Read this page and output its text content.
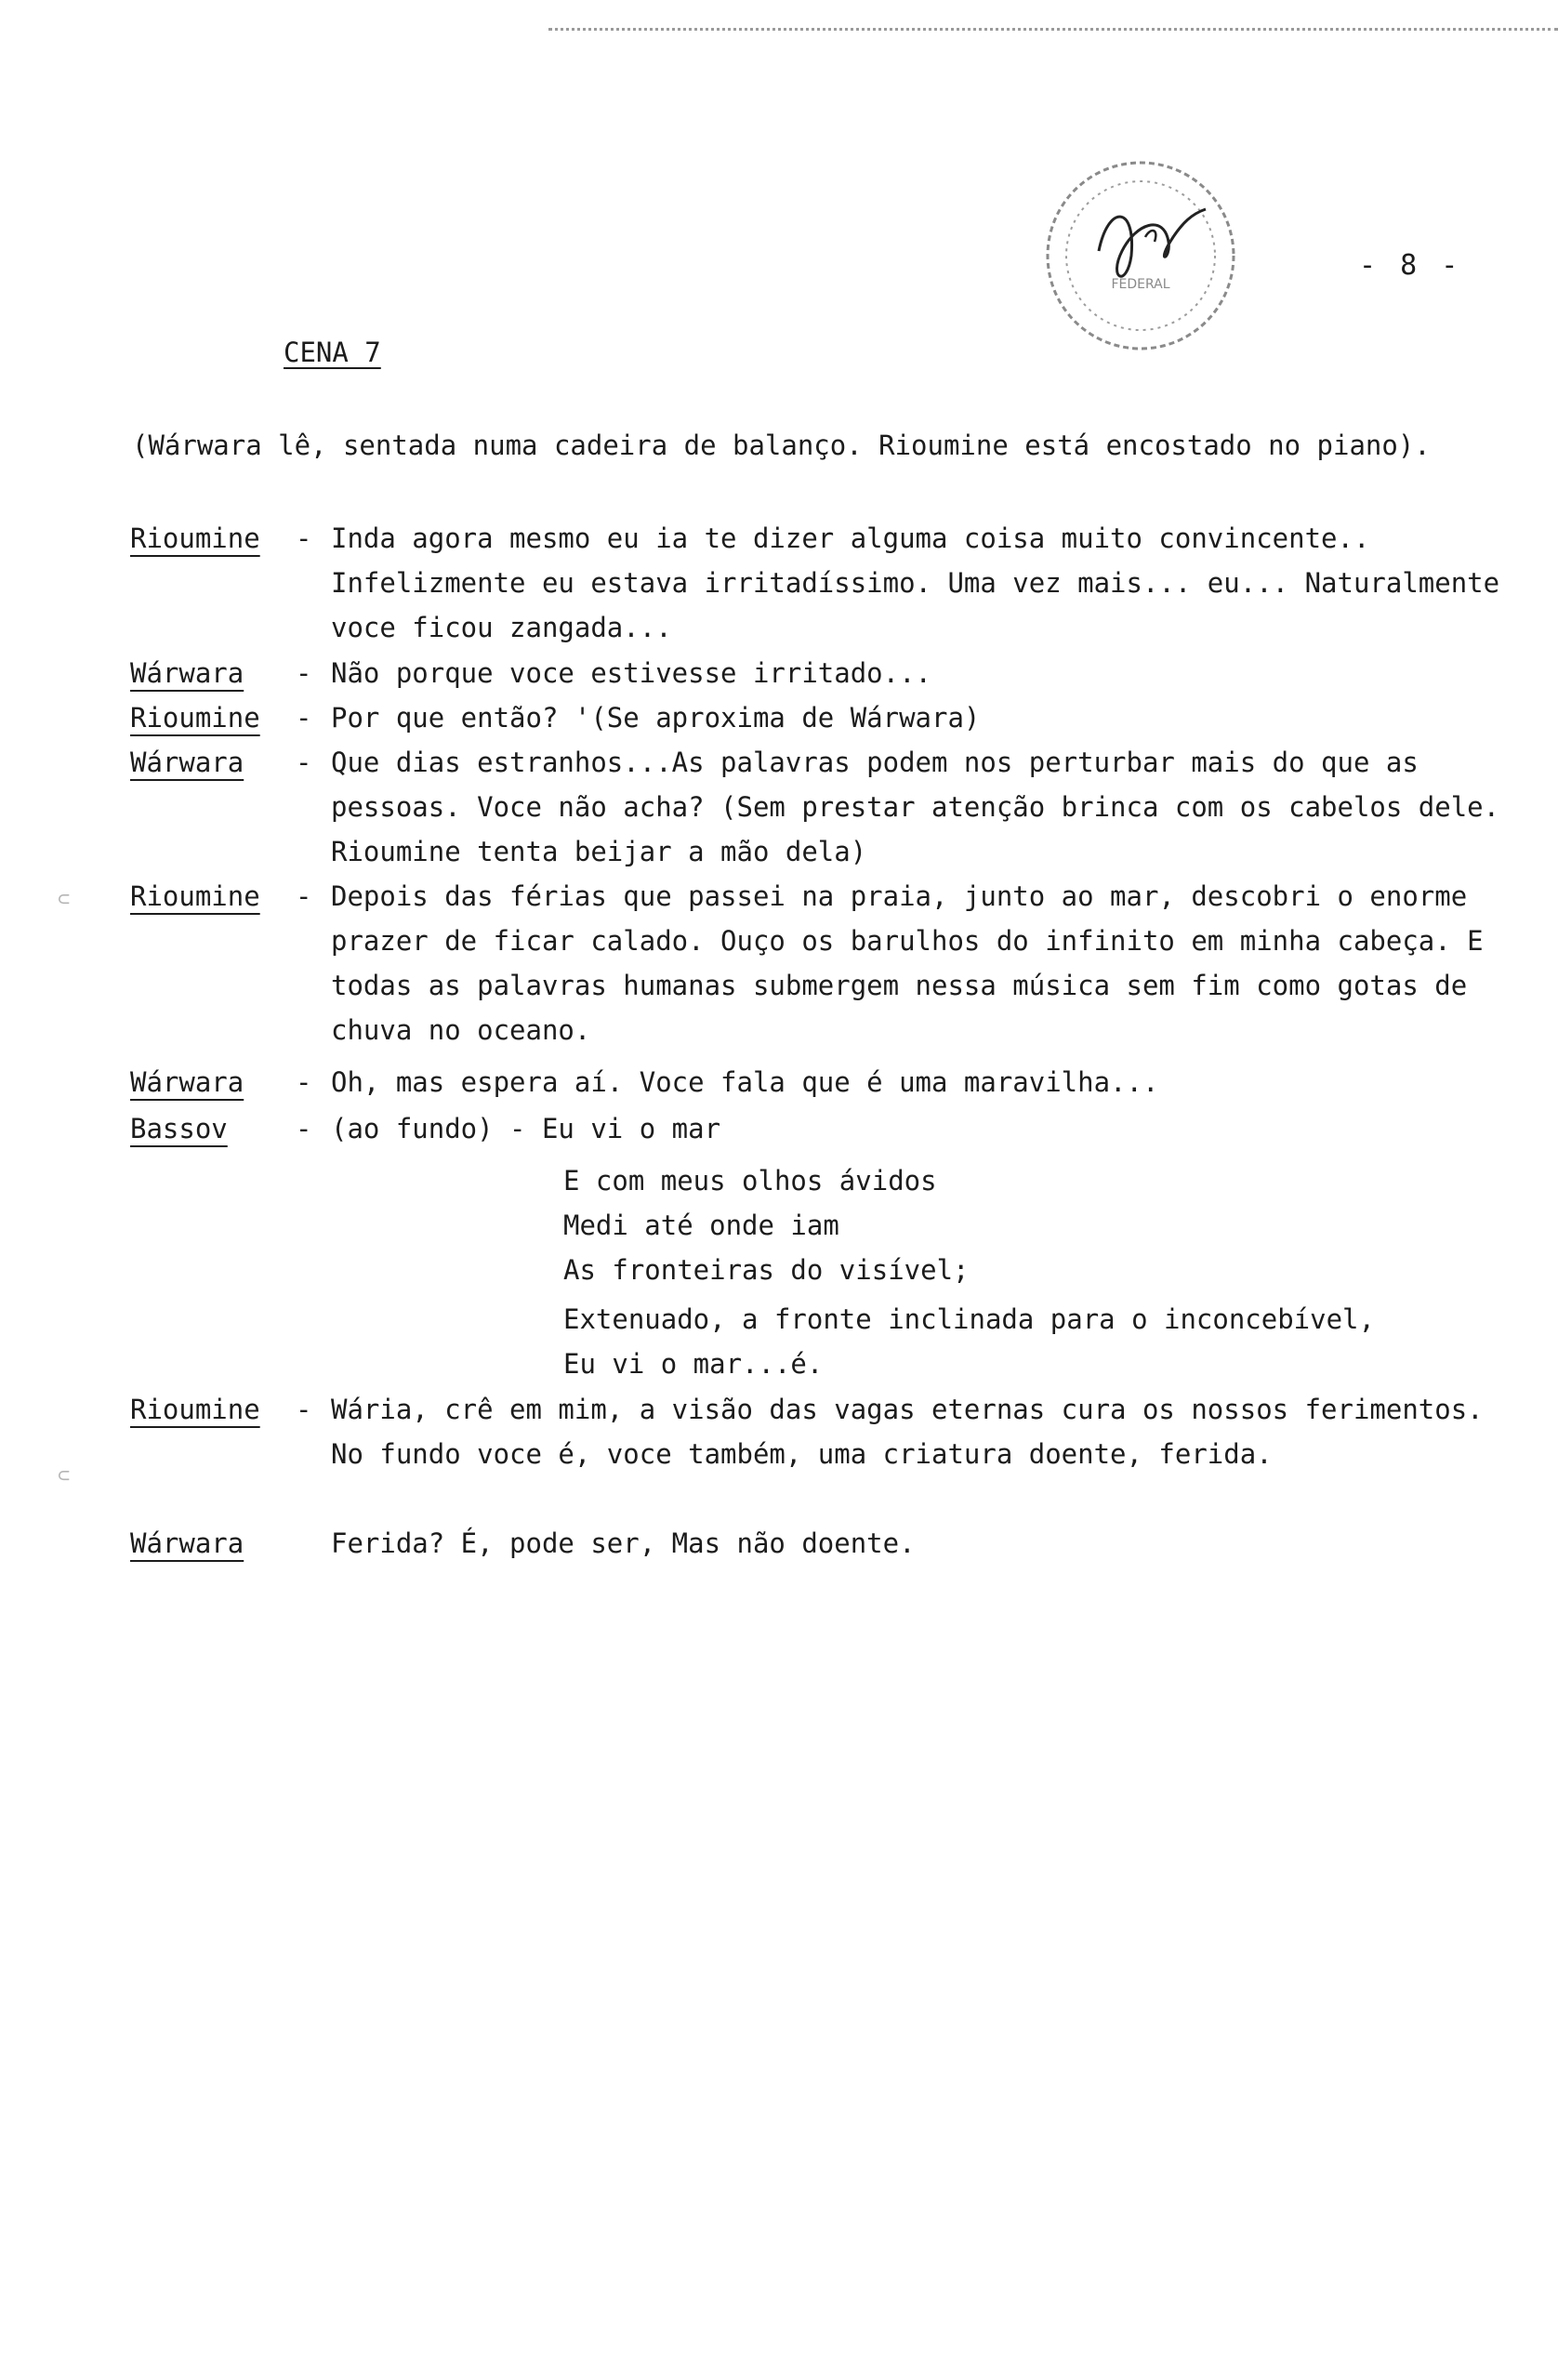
FEDERAL
- 8 -
CENA 7
(Wárwara lê, sentada numa cadeira de balanço. Rioumine está encostado no piano).
Rioumine - Inda agora mesmo eu ia te dizer alguma coisa muito convincente.. Infelizmente eu estava irritadíssimo. Uma vez mais... eu... Naturalmente voce ficou zangada...
Wárwara - Não porque voce estivesse irritado...
Rioumine - Por que então? '(Se aproxima de Wárwara)
Wárwara - Que dias estranhos...As palavras podem nos perturbar mais do que as pessoas. Voce não acha? (Sem prestar atenção brinca com os cabelos dele. Rioumine tenta beijar a mão dela)
Rioumine - Depois das férias que passei na praia, junto ao mar, descobri o enorme prazer de ficar calado. Ouço os barulhos do infinito em minha cabeça. E todas as palavras humanas submergem nessa música sem fim como gotas de chuva no oceano.
Wárwara - Oh, mas espera aí. Voce fala que é uma maravilha...
Bassov	- (ao fundo) - Eu vi o mar
E com meus olhos ávidos
Medi até onde iam
As fronteiras do visível;
Extenuado, a fronte inclinada para o inconcebível,
Eu vi o mar...é.
Rioumine - Wária, crê em mim, a visão das vagas eternas cura os nossos ferimentos. No fundo voce é, voce também, uma criatura doente, ferida.
Wárwara	Ferida? É, pode ser, Mas não doente.
⊂
⊂
